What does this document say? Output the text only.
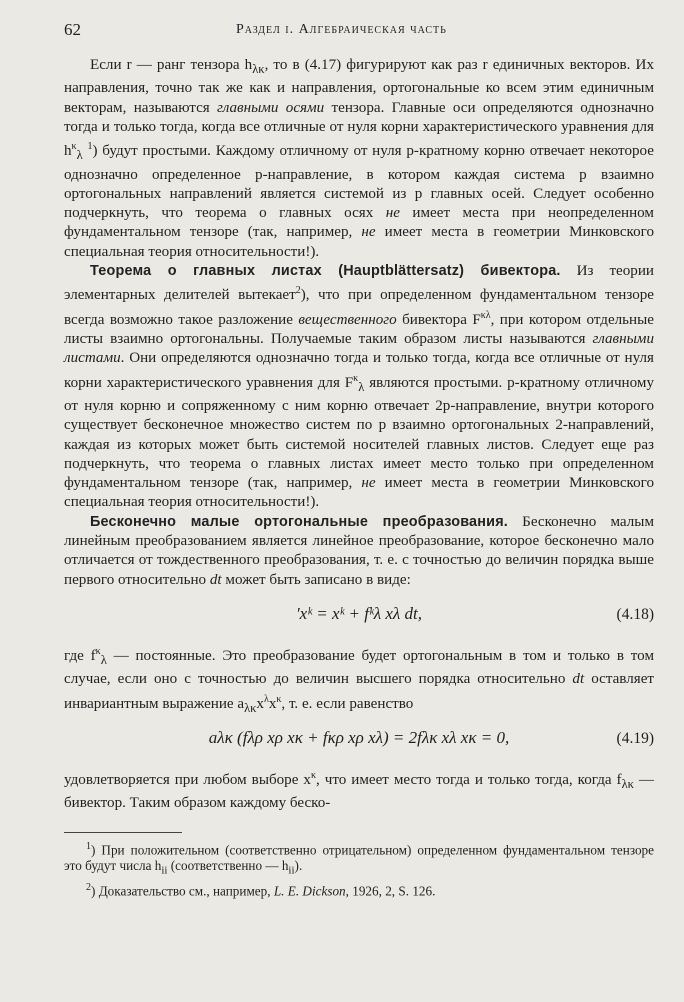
62	Раздел i. Алгебраическая часть

Если r — ранг тензора $h_{\lambda\kappa}$, то в (4.17) фигурируют как раз r единичных векторов. Их направления, точно так же как и направления, ортогональные ко всем этим единичным векторам, называются главными осями тензора. Главные оси определяются однозначно тогда и только тогда, когда все отличные от нуля корни характеристического уравнения для $h^\kappa_\lambda$ $^1$) будут простыми. Каждому отличному от нуля p-кратному корню отвечает некоторое однозначно определенное p-направление, в котором каждая система p взаимно ортогональных направлений является системой из p главных осей. Следует особенно подчеркнуть, что теорема о главных осях не имеет места при неопределенном фундаментальном тензоре (так, например, не имеет места в геометрии Минковского специальная теория относительности!).

Теорема о главных листах (Hauptblättersatz) бивектора. Из теории элементарных делителей вытекает$^2$), что при определенном фундаментальном тензоре всегда возможно такое разложение вещественного бивектора $F^{\kappa\lambda}$, при котором отдельные листы взаимно ортогональны. Получаемые таким образом листы называются главными листами. Они определяются однозначно тогда и только тогда, когда все отличные от нуля корни характеристического уравнения для $F^\kappa_\lambda$ являются простыми. p-кратному отличному от нуля корню и сопряженному с ним корню отвечает 2p-направление, внутри которого существует бесконечное множество систем по p взаимно ортогональных 2-направлений, каждая из которых может быть системой носителей главных листов. Следует еще раз подчеркнуть, что теорема о главных листах имеет место только при определенном фундаментальном тензоре (так, например, не имеет места в геометрии Минковского специальная теория относительности!).

Бесконечно малые ортогональные преобразования. Бесконечно малым линейным преобразованием является линейное преобразование, которое бесконечно мало отличается от тождественного преобразования, т. е. с точностью до величин порядка выше первого относительно dt может быть записано в виде:

′xᵏ = xᵏ + fᵏλ xλ dt,	(4.18)

где $f^\kappa_\lambda$ — постоянные. Это преобразование будет ортогональным в том и только в том случае, если оно с точностью до величин высшего порядка относительно dt оставляет инвариантным выражение $a_{\lambda\kappa}x^\lambda x^\kappa$, т. е. если равенство

aλκ (fλρ xρ xκ + fκρ xρ xλ) = 2fλκ xλ xκ = 0,	(4.19)

удовлетворяется при любом выборе $x^\kappa$, что имеет место тогда и только тогда, когда $f_{\lambda\kappa}$ — бивектор. Таким образом каждому беско-

$^1$) При положительном (соответственно отрицательном) определенном фундаментальном тензоре это будут числа $h_{ii}$ (соответственно — $h_{ii}$).

$^2$) Доказательство см., например, L. E. Dickson, 1926, 2, S. 126.
